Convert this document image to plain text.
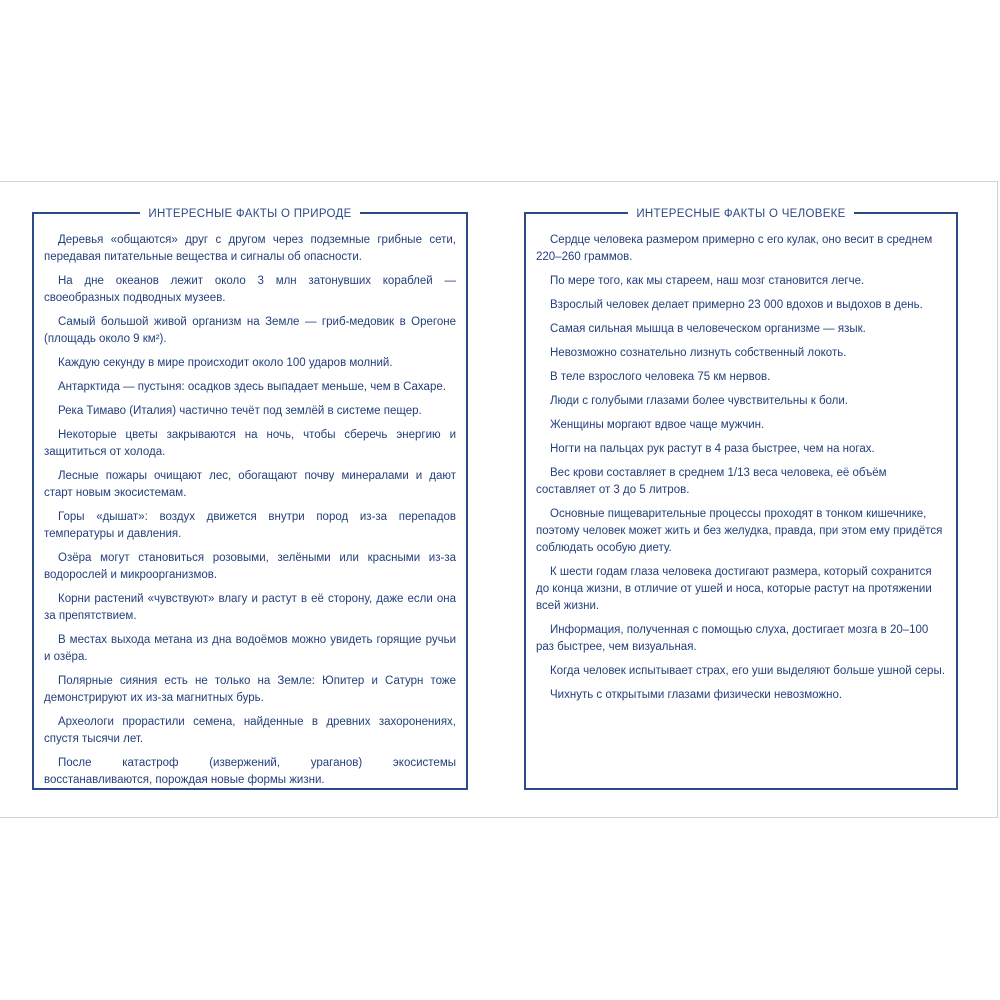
ИНТЕРЕСНЫЕ ФАКТЫ О ПРИРОДЕ

Деревья «общаются» друг с другом через подземные грибные сети, передавая питательные вещества и сигналы об опасности.

На дне океанов лежит около 3 млн затонувших кораблей — своеобразных подводных музеев.

Самый большой живой организм на Земле — гриб-медовик в Орегоне (площадь около 9 км²).

Каждую секунду в мире происходит около 100 ударов молний.

Антарктида — пустыня: осадков здесь выпадает меньше, чем в Сахаре.

Река Тимаво (Италия) частично течёт под землёй в системе пещер.

Некоторые цветы закрываются на ночь, чтобы сберечь энергию и защититься от холода.

Лесные пожары очищают лес, обогащают почву минералами и дают старт новым экосистемам.

Горы «дышат»: воздух движется внутри пород из-за перепадов температуры и давления.

Озёра могут становиться розовыми, зелёными или красными из-за водорослей и микроорганизмов.

Корни растений «чувствуют» влагу и растут в её сторону, даже если она за препятствием.

В местах выхода метана из дна водоёмов можно увидеть горящие ручьи и озёра.

Полярные сияния есть не только на Земле: Юпитер и Сатурн тоже демонстрируют их из-за магнитных бурь.

Археологи прорастили семена, найденные в древних захоронениях, спустя тысячи лет.

После катастроф (извержений, ураганов) экосистемы восстанавливаются, порождая новые формы жизни.

ИНТЕРЕСНЫЕ ФАКТЫ О ЧЕЛОВЕКЕ

Сердце человека размером примерно с его кулак, оно весит в среднем 220–260 граммов.

По мере того, как мы стареем, наш мозг становится легче.

Взрослый человек делает примерно 23 000 вдохов и выдохов в день.

Самая сильная мышца в человеческом организме — язык.

Невозможно сознательно лизнуть собственный локоть.

В теле взрослого человека 75 км нервов.

Люди с голубыми глазами более чувствительны к боли.

Женщины моргают вдвое чаще мужчин.

Ногти на пальцах рук растут в 4 раза быстрее, чем на ногах.

Вес крови составляет в среднем 1/13 веса человека, её объём составляет от 3 до 5 литров.

Основные пищеварительные процессы проходят в тонком кишечнике, поэтому человек может жить и без желудка, правда, при этом ему придётся соблюдать особую диету.

К шести годам глаза человека достигают размера, который сохранится до конца жизни, в отличие от ушей и носа, которые растут на протяжении всей жизни.

Информация, полученная с помощью слуха, достигает мозга в 20–100 раз быстрее, чем визуальная.

Когда человек испытывает страх, его уши выделяют больше ушной серы.

Чихнуть с открытыми глазами физически невозможно.
